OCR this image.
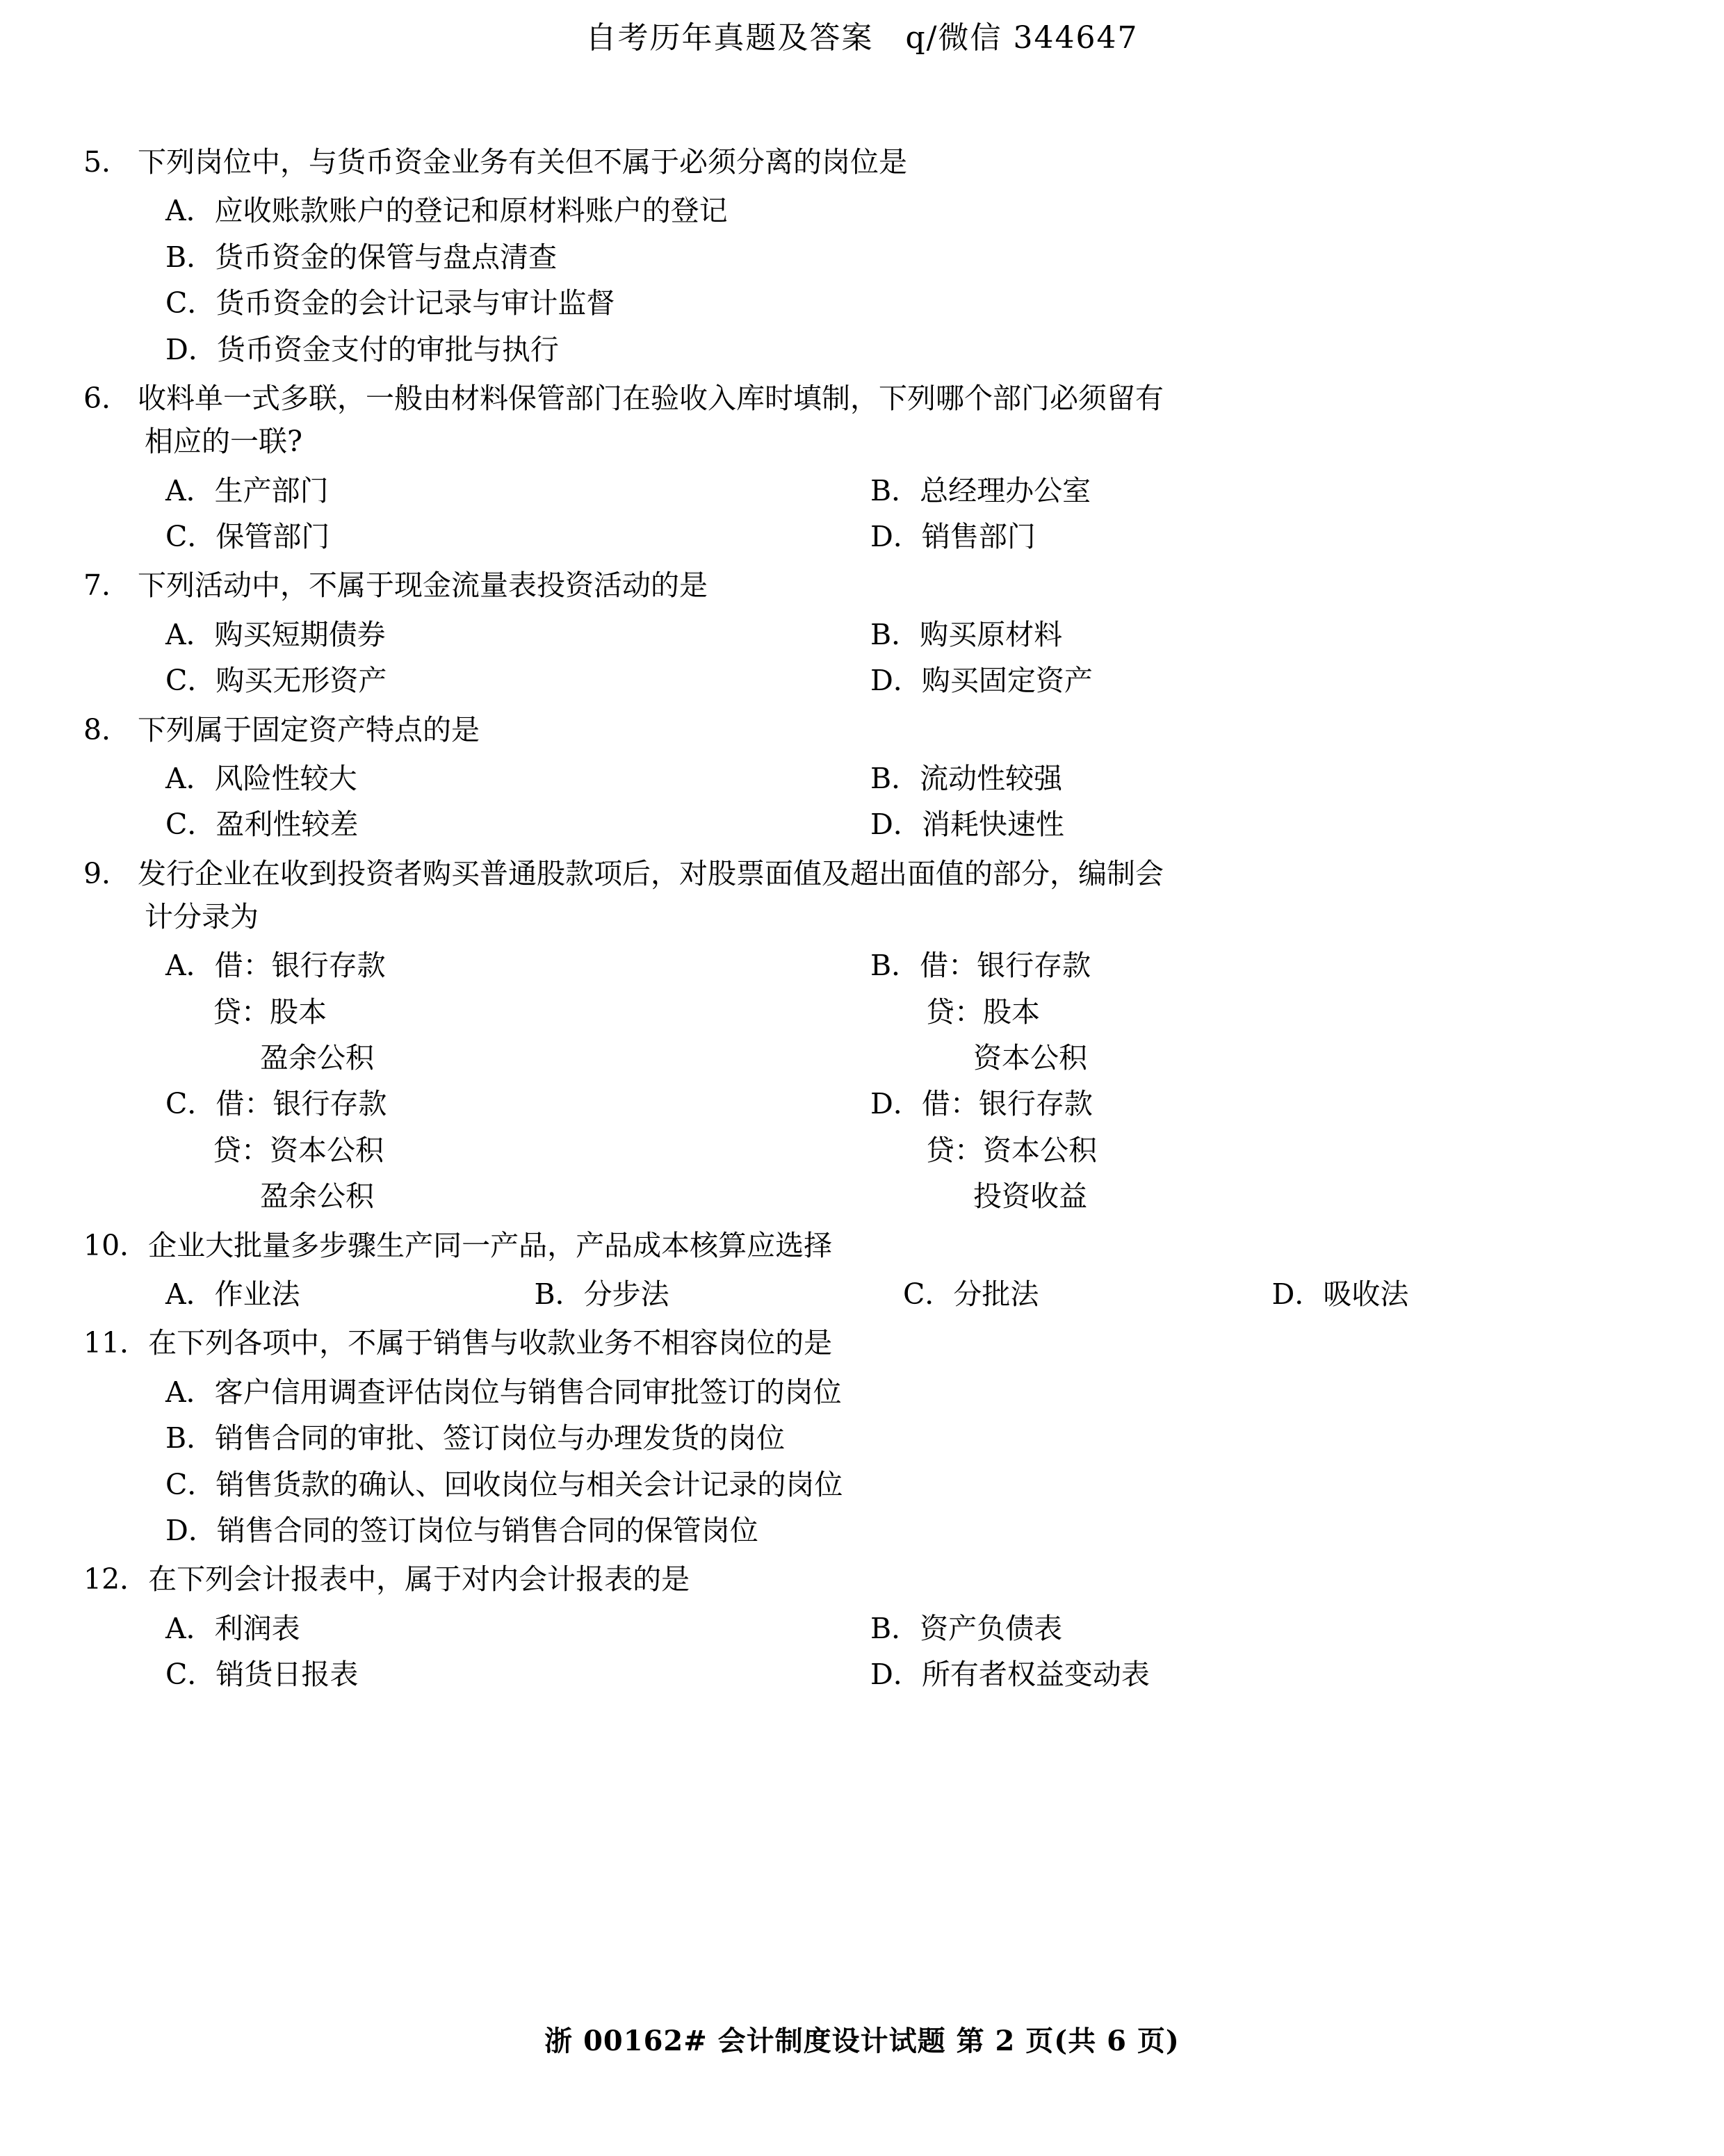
自考历年真题及答案 q/微信 344647
5． 下列岗位中，与货币资金业务有关但不属于必须分离的岗位是
A．应收账款账户的登记和原材料账户的登记
B．货币资金的保管与盘点清查
C．货币资金的会计记录与审计监督
D．货币资金支付的审批与执行
6． 收料单一式多联，一般由材料保管部门在验收入库时填制，下列哪个部门必须留有
相应的一联?
A．生产部门	B．总经理办公室
C．保管部门	D．销售部门
7． 下列活动中，不属于现金流量表投资活动的是
A．购买短期债券	B．购买原材料
C．购买无形资产	D．购买固定资产
8． 下列属于固定资产特点的是
A．风险性较大	B．流动性较强
C．盈利性较差	D．消耗快速性
9． 发行企业在收到投资者购买普通股款项后，对股票面值及超出面值的部分，编制会
计分录为
A．借：银行存款	B．借：银行存款
贷：股本	贷：股本
盈余公积	资本公积
C．借：银行存款	D．借：银行存款
贷：资本公积	贷：资本公积
盈余公积	投资收益
10．企业大批量多步骤生产同一产品，产品成本核算应选择
A．作业法	B．分步法	C．分批法	D．吸收法
11．在下列各项中，不属于销售与收款业务不相容岗位的是
A．客户信用调查评估岗位与销售合同审批签订的岗位
B．销售合同的审批、签订岗位与办理发货的岗位
C．销售货款的确认、回收岗位与相关会计记录的岗位
D．销售合同的签订岗位与销售合同的保管岗位
12．在下列会计报表中，属于对内会计报表的是
A．利润表	B．资产负债表
C．销货日报表	D．所有者权益变动表
浙 00162# 会计制度设计试题 第 2 页(共 6 页)
